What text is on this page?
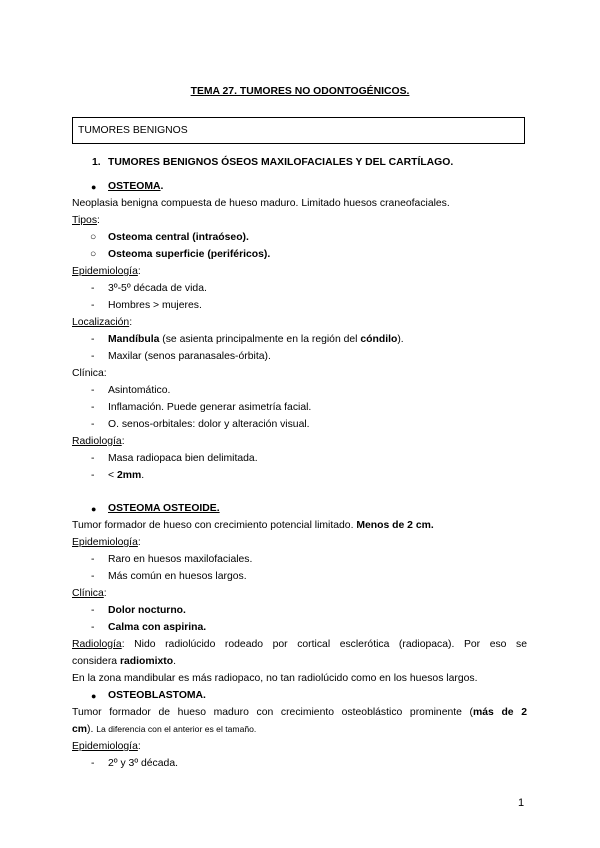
TEMA 27. TUMORES NO ODONTOGÉNICOS.
TUMORES BENIGNOS
1. TUMORES BENIGNOS ÓSEOS MAXILOFACIALES Y DEL CARTÍLAGO.
● OSTEOMA.
Neoplasia benigna compuesta de hueso maduro. Limitado huesos craneofaciales.
Tipos:
○ Osteoma central (intraóseo).
○ Osteoma superficie (periféricos).
Epidemiología:
- 3º-5º década de vida.
- Hombres > mujeres.
Localización:
- Mandíbula (se asienta principalmente en la región del cóndilo).
- Maxilar (senos paranasales-órbita).
Clínica:
- Asintomático.
- Inflamación. Puede generar asimetría facial.
- O. senos-orbitales: dolor y alteración visual.
Radiología:
- Masa radiopaca bien delimitada.
- < 2mm.
● OSTEOMA OSTEOIDE.
Tumor formador de hueso con crecimiento potencial limitado. Menos de 2 cm.
Epidemiología:
- Raro en huesos maxilofaciales.
- Más común en huesos largos.
Clínica:
- Dolor nocturno.
- Calma con aspirina.
Radiología: Nido radiolúcido rodeado por cortical esclerótica (radiopaca). Por eso se
considera radiomixto.
En la zona mandibular es más radiopaco, no tan radiolúcido como en los huesos largos.
● OSTEOBLASTOMA.
Tumor formador de hueso maduro con crecimiento osteoblástico prominente (más de 2
cm). La diferencia con el anterior es el tamaño.
Epidemiología:
- 2º y 3º década.
1
